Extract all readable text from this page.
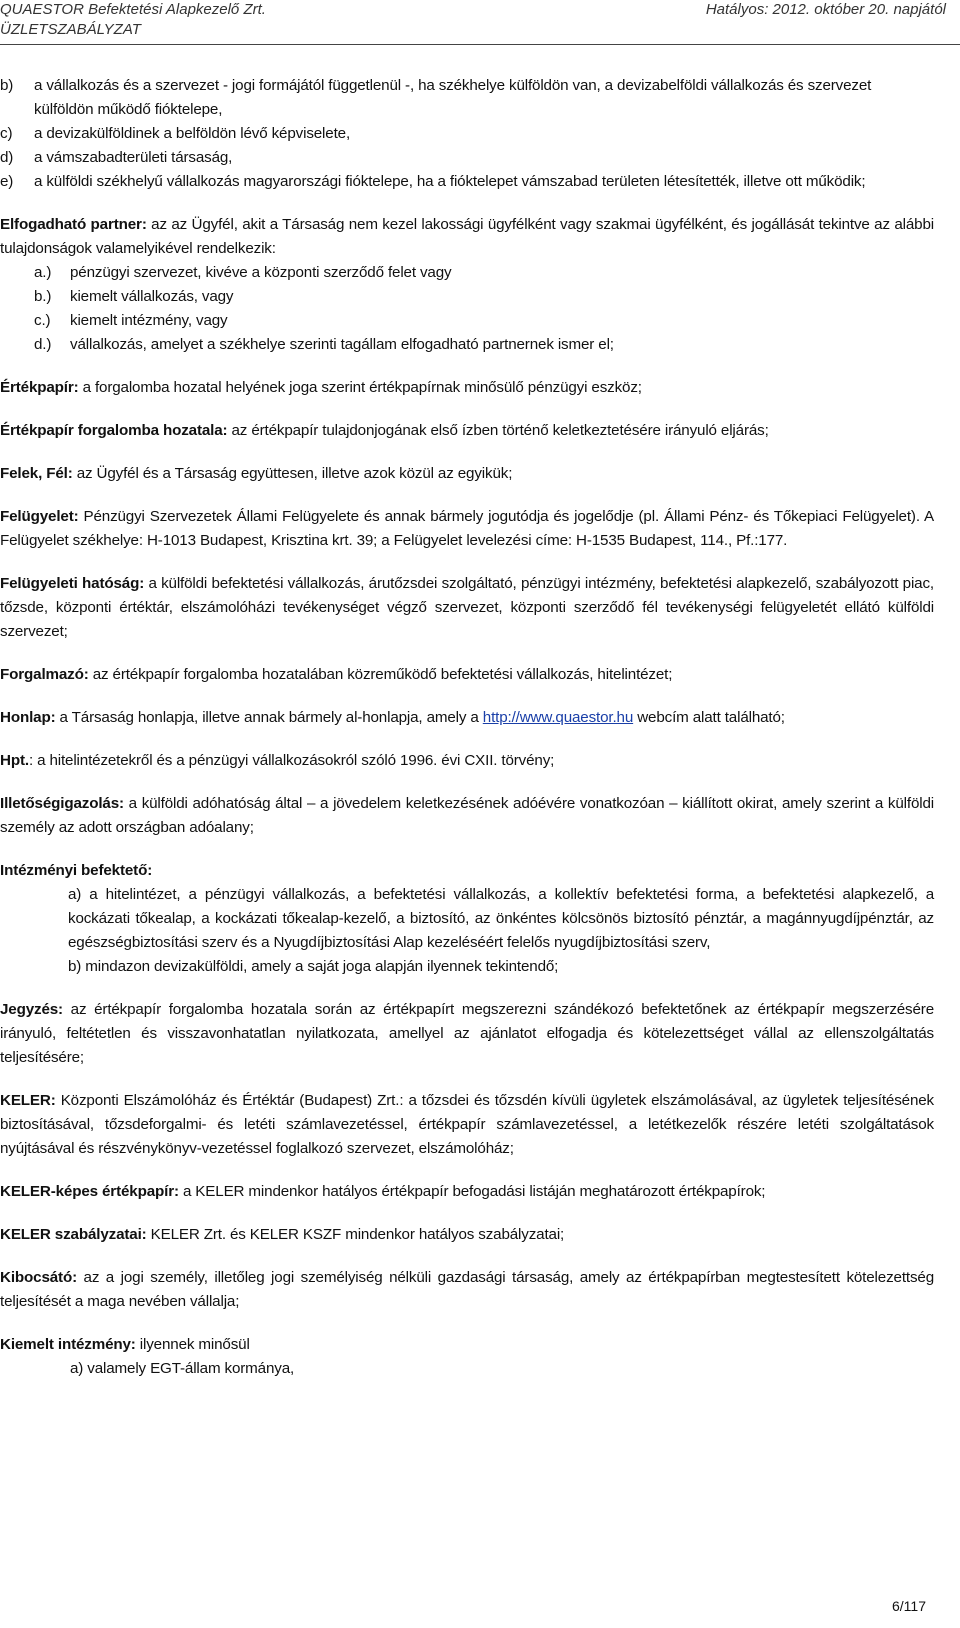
QUAESTOR Befektetési Alapkezelő Zrt.	Hatályos: 2012. október 20. napjától
ÜZLETSZABÁLYZAT
b) a vállalkozás és a szervezet - jogi formájától függetlenül -, ha székhelye külföldön van, a devizabelföldi vállalkozás és szervezet külföldön működő fióktelepe,
c) a devizakülföldinek a belföldön lévő képviselete,
d) a vámszabadterületi társaság,
e) a külföldi székhelyű vállalkozás magyarországi fióktelepe, ha a fióktelepet vámszabad területen létesítették, illetve ott működik;
Elfogadható partner: az az Ügyfél, akit a Társaság nem kezel lakossági ügyfélként vagy szakmai ügyfélként, és jogállását tekintve az alábbi tulajdonságok valamelyikével rendelkezik:
a.) pénzügyi szervezet, kivéve a központi szerződő felet vagy
b.) kiemelt vállalkozás, vagy
c.) kiemelt intézmény, vagy
d.) vállalkozás, amelyet a székhelye szerinti tagállam elfogadható partnernek ismer el;
Értékpapír: a forgalomba hozatal helyének joga szerint értékpapírnak minősülő pénzügyi eszköz;
Értékpapír forgalomba hozatala: az értékpapír tulajdonjogának első ízben történő keletkeztetésére irányuló eljárás;
Felek, Fél: az Ügyfél és a Társaság együttesen, illetve azok közül az egyikük;
Felügyelet: Pénzügyi Szervezetek Állami Felügyelete és annak bármely jogutódja és jogelődje (pl. Állami Pénz- és Tőkepiaci Felügyelet). A Felügyelet székhelye: H-1013 Budapest, Krisztina krt. 39; a Felügyelet levelezési címe: H-1535 Budapest, 114., Pf.:177.
Felügyeleti hatóság: a külföldi befektetési vállalkozás, árutőzsdei szolgáltató, pénzügyi intézmény, befektetési alapkezelő, szabályozott piac, tőzsde, központi értéktár, elszámolóházi tevékenységet végző szervezet, központi szerződő fél tevékenységi felügyeletét ellátó külföldi szervezet;
Forgalmazó: az értékpapír forgalomba hozatalában közreműködő befektetési vállalkozás, hitelintézet;
Honlap: a Társaság honlapja, illetve annak bármely al-honlapja, amely a http://www.quaestor.hu webcím alatt található;
Hpt.: a hitelintézetekről és a pénzügyi vállalkozásokról szóló 1996. évi CXII. törvény;
Illetőségigazolás: a külföldi adóhatóság által – a jövedelem keletkezésének adóévére vonatkozóan – kiállított okirat, amely szerint a külföldi személy az adott országban adóalany;
Intézményi befektető:
a) a hitelintézet, a pénzügyi vállalkozás, a befektetési vállalkozás, a kollektív befektetési forma, a befektetési alapkezelő, a kockázati tőkealap, a kockázati tőkealap-kezelő, a biztosító, az önkéntes kölcsönös biztosító pénztár, a magánnyugdíjpénztár, az egészségbiztosítási szerv és a Nyugdíjbiztosítási Alap kezeléséért felelős nyugdíjbiztosítási szerv,
b) mindazon devizakülföldi, amely a saját joga alapján ilyennek tekintendő;
Jegyzés: az értékpapír forgalomba hozatala során az értékpapírt megszerezni szándékozó befektetőnek az értékpapír megszerzésére irányuló, feltétetlen és visszavonhatatlan nyilatkozata, amellyel az ajánlatot elfogadja és kötelezettséget vállal az ellenszolgáltatás teljesítésére;
KELER: Központi Elszámolóház és Értéktár (Budapest) Zrt.: a tőzsdei és tőzsdén kívüli ügyletek elszámolásával, az ügyletek teljesítésének biztosításával, tőzsdeforgalmi- és letéti számlavezetéssel, értékpapír számlavezetéssel, a letétkezelők részére letéti szolgáltatások nyújtásával és részvénykönyv-vezetéssel foglalkozó szervezet, elszámolóház;
KELER-képes értékpapír: a KELER mindenkor hatályos értékpapír befogadási listáján meghatározott értékpapírok;
KELER szabályzatai: KELER Zrt. és KELER KSZF mindenkor hatályos szabályzatai;
Kibocsátó: az a jogi személy, illetőleg jogi személyiség nélküli gazdasági társaság, amely az értékpapírban megtestesített kötelezettség teljesítését a maga nevében vállalja;
Kiemelt intézmény: ilyennek minősül
a) valamely EGT-állam kormánya,
6/117
